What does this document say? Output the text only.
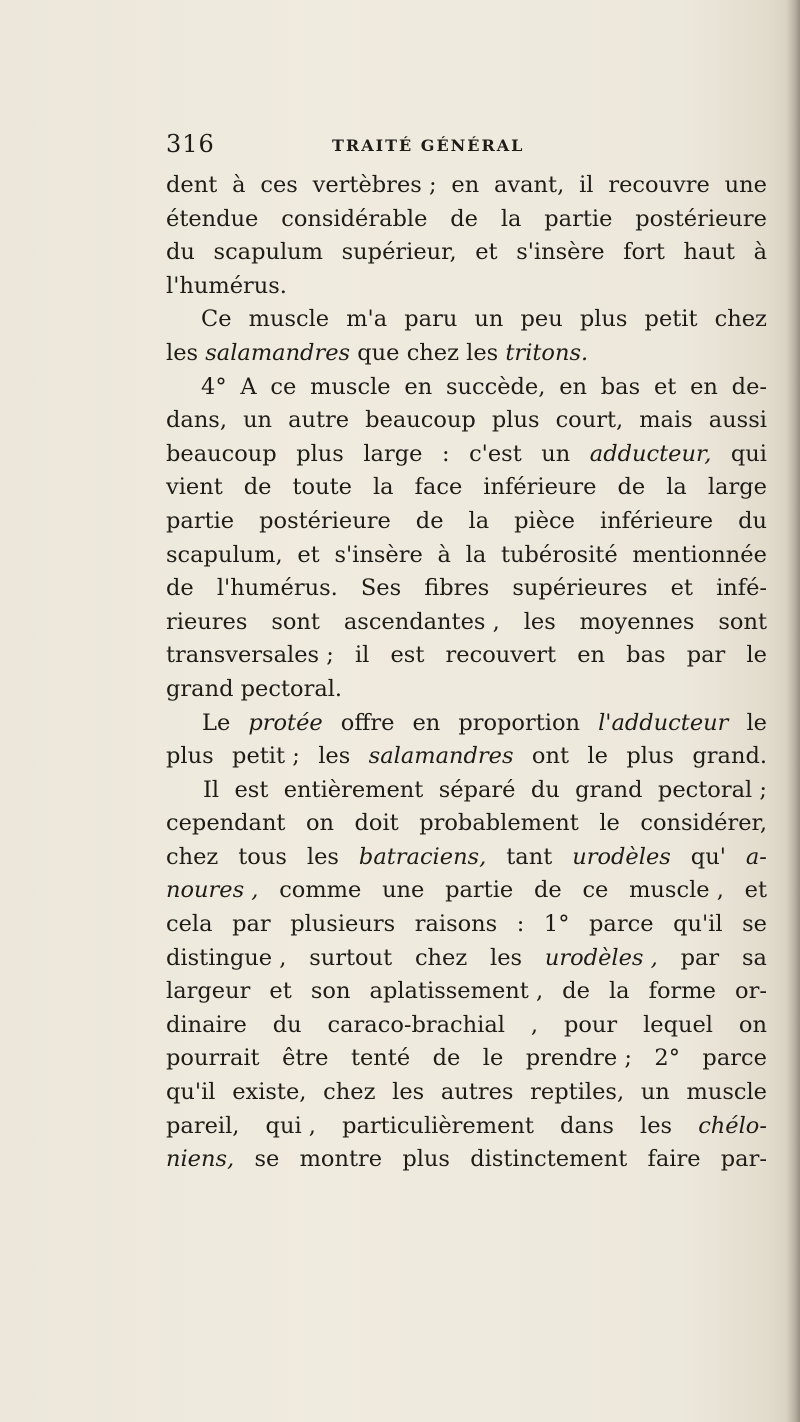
316	TRAITÉ GÉNÉRAL
dent à ces vertèbres ; en avant, il recouvre une
étendue considérable de la partie postérieure
du scapulum supérieur, et s'insère fort haut à
l'humérus.
Ce muscle m'a paru un peu plus petit chez
les salamandres que chez les tritons.
4° A ce muscle en succède, en bas et en de-
dans, un autre beaucoup plus court, mais aussi
beaucoup plus large : c'est un adducteur, qui
vient de toute la face inférieure de la large
partie postérieure de la pièce inférieure du
scapulum, et s'insère à la tubérosité mentionnée
de l'humérus. Ses fibres supérieures et infé-
rieures sont ascendantes , les moyennes sont
transversales ; il est recouvert en bas par le
grand pectoral.
Le protée offre en proportion l'adducteur le
plus petit ; les salamandres ont le plus grand.
Il est entièrement séparé du grand pectoral ;
cependant on doit probablement le considérer,
chez tous les batraciens, tant urodèles qu' a-
noures , comme une partie de ce muscle , et
cela par plusieurs raisons : 1° parce qu'il se
distingue , surtout chez les urodèles , par sa
largeur et son aplatissement , de la forme or-
dinaire du caraco-brachial , pour lequel on
pourrait être tenté de le prendre ; 2° parce
qu'il existe, chez les autres reptiles, un muscle
pareil, qui , particulièrement dans les chélo-
niens, se montre plus distinctement faire par-
